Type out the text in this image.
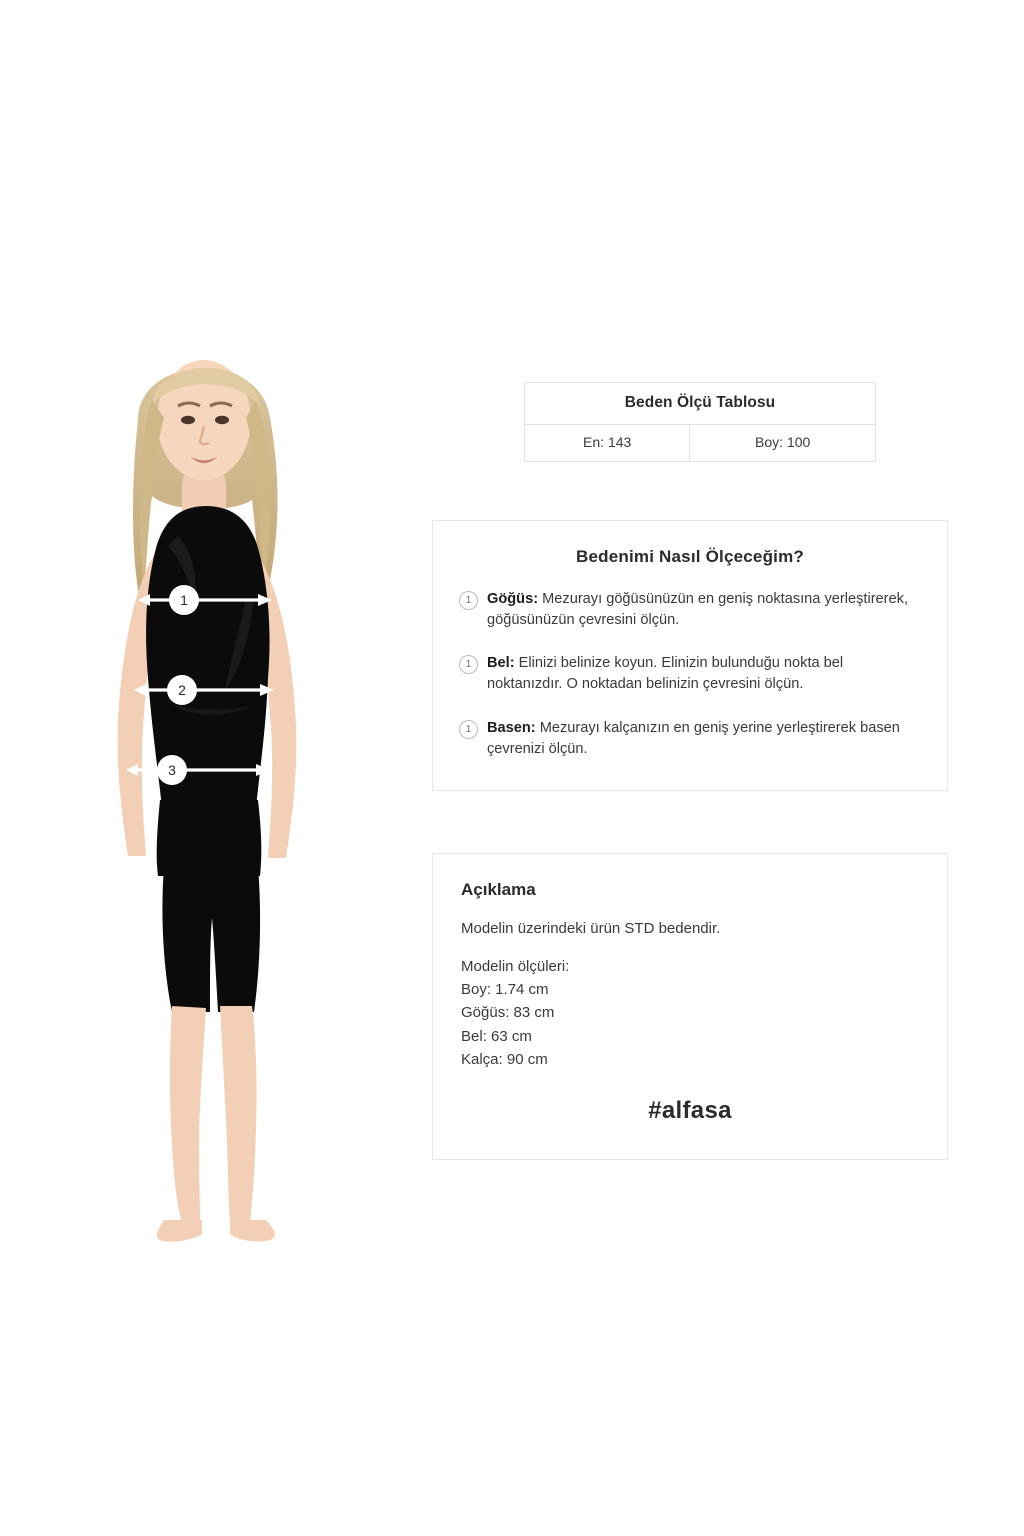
1
2
3
Beden Ölçü Tablosu
En: 143	Boy: 100
Bedenimi Nasıl Ölçeceğim?
1	Göğüs: Mezurayı göğüsünüzün en geniş noktasına yerleştirerek, göğüsünüzün çevresini ölçün.
1	Bel: Elinizi belinize koyun. Elinizin bulunduğu nokta bel noktanızdır. O noktadan belinizin çevresini ölçün.
1	Basen: Mezurayı kalçanızın en geniş yerine yerleştirerek basen çevrenizi ölçün.
Açıklama
Modelin üzerindeki ürün STD bedendir.
Modelin ölçüleri:
Boy: 1.74 cm
Göğüs: 83 cm
Bel: 63 cm
Kalça: 90 cm
#alfasa
